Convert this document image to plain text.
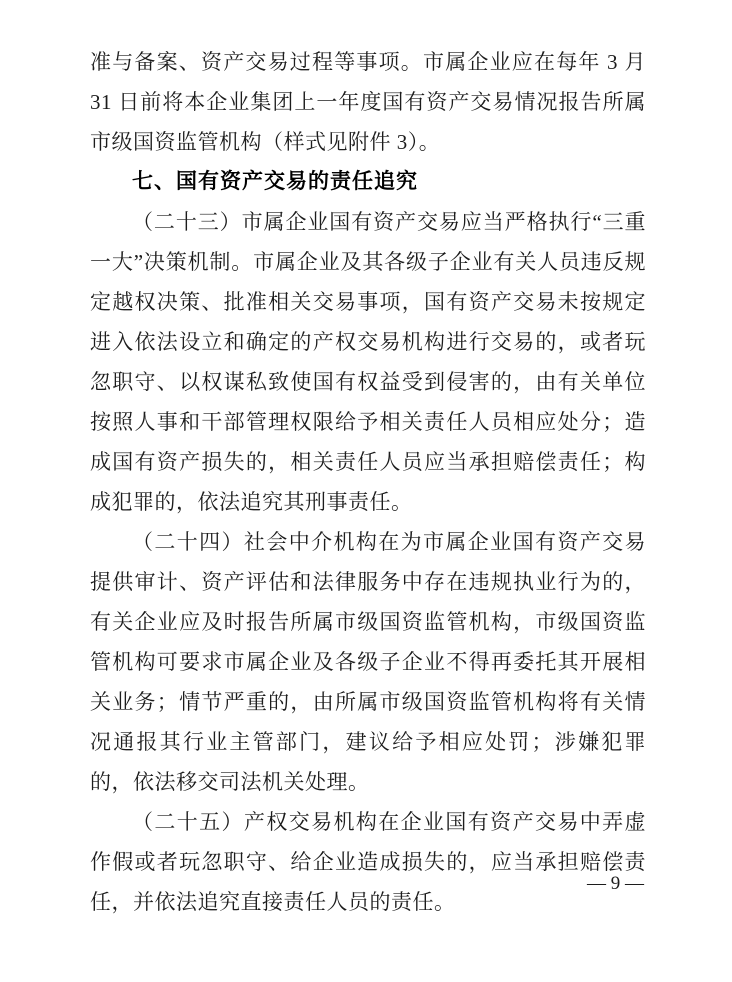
准与备案、资产交易过程等事项。市属企业应在每年 3 月 31 日前将本企业集团上一年度国有资产交易情况报告所属市级国资监管机构（样式见附件 3）。

七、国有资产交易的责任追究

（二十三）市属企业国有资产交易应当严格执行“三重一大”决策机制。市属企业及其各级子企业有关人员违反规定越权决策、批准相关交易事项，国有资产交易未按规定进入依法设立和确定的产权交易机构进行交易的，或者玩忽职守、以权谋私致使国有权益受到侵害的，由有关单位按照人事和干部管理权限给予相关责任人员相应处分；造成国有资产损失的，相关责任人员应当承担赔偿责任；构成犯罪的，依法追究其刑事责任。

（二十四）社会中介机构在为市属企业国有资产交易提供审计、资产评估和法律服务中存在违规执业行为的，有关企业应及时报告所属市级国资监管机构，市级国资监管机构可要求市属企业及各级子企业不得再委托其开展相关业务；情节严重的，由所属市级国资监管机构将有关情况通报其行业主管部门，建议给予相应处罚；涉嫌犯罪的，依法移交司法机关处理。

（二十五）产权交易机构在企业国有资产交易中弄虚作假或者玩忽职守、给企业造成损失的，应当承担赔偿责任，并依法追究直接责任人员的责任。

— 9 —
